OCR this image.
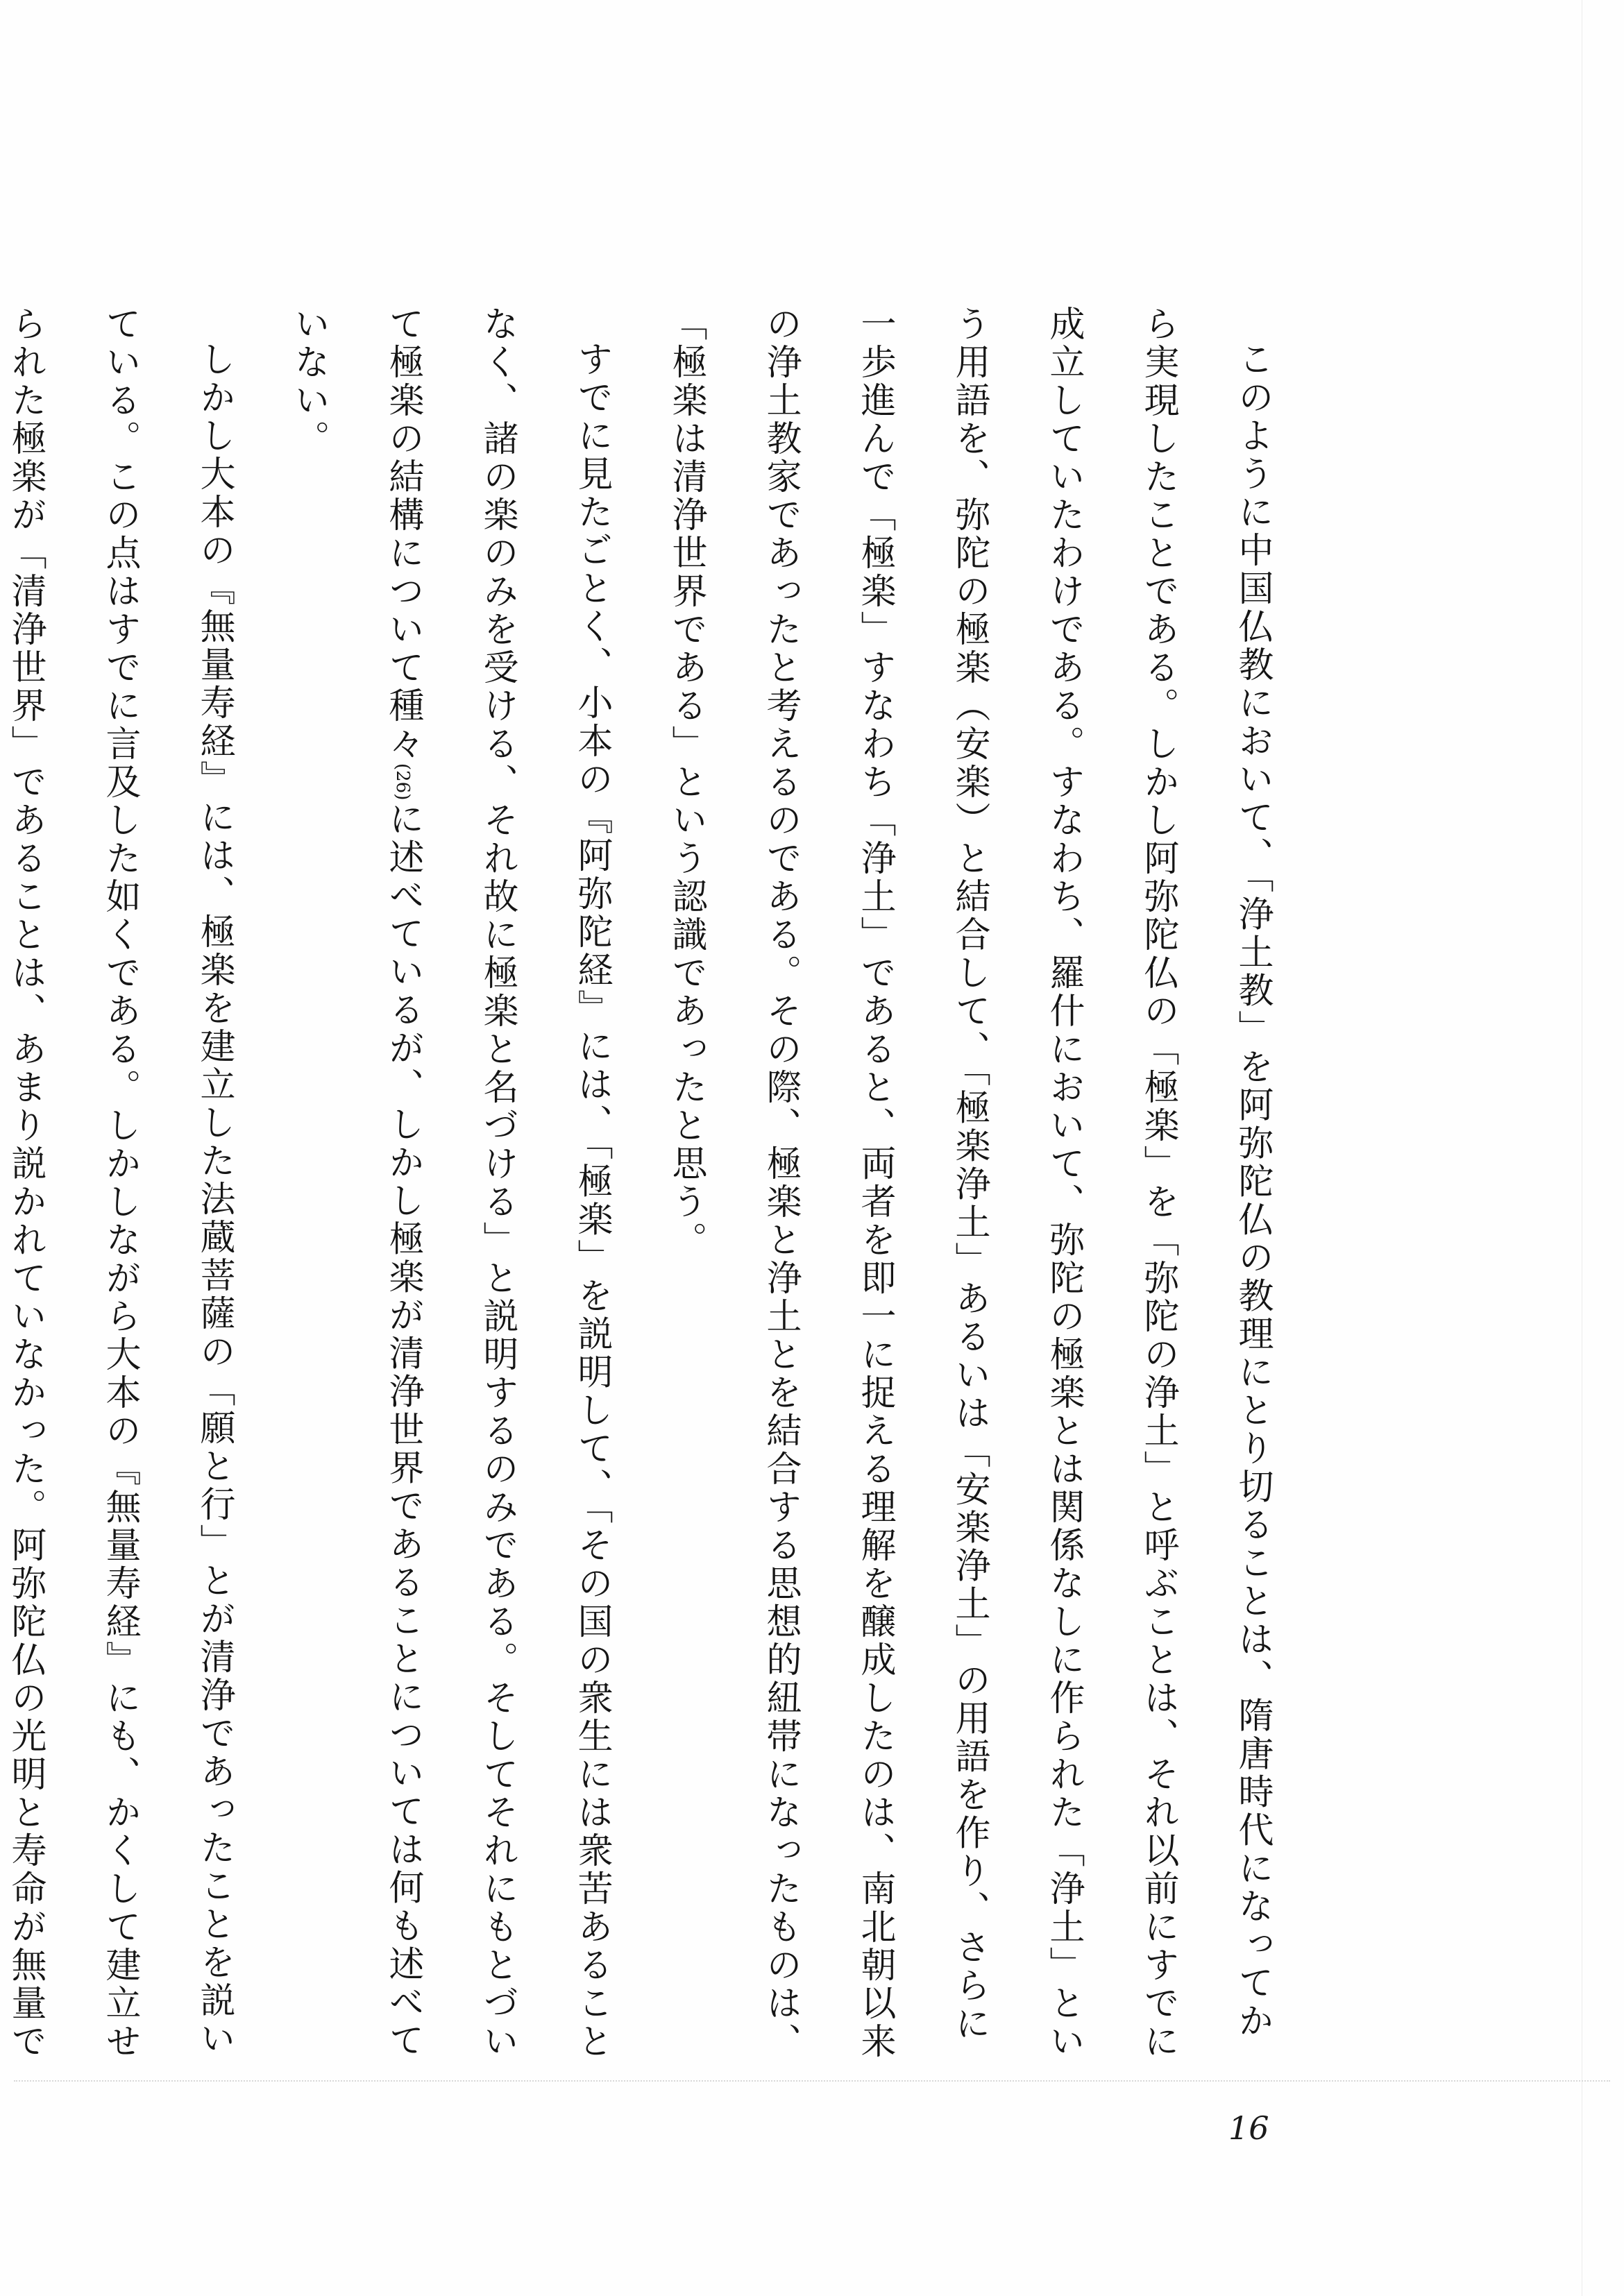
このように中国仏教において、「浄土教」を阿弥陀仏の教理にとり切ることは、隋唐時代になってから実現したことである。しかし阿弥陀仏の「極楽」を「弥陀の浄土」と呼ぶことは、それ以前にすでに成立していたわけである。すなわち、羅什において、弥陀の極楽とは関係なしに作られた「浄土」という用語を、弥陀の極楽（安楽）と結合して、「極楽浄土」あるいは「安楽浄土」の用語を作り、さらに一歩進んで「極楽」すなわち「浄土」であると、両者を即一に捉える理解を醸成したのは、南北朝以来の浄土教家であったと考えるのである。その際、極楽と浄土とを結合する思想的紐帯になったものは、「極楽は清浄世界である」という認識であったと思う。

すでに見たごとく、小本の『阿弥陀経』には、「極楽」を説明して、「その国の衆生には衆苦あることなく、諸の楽のみを受ける、それ故に極楽と名づける」と説明するのみである。そしてそれにもとづいて極楽の結構について種々(26)に述べているが、しかし極楽が清浄世界であることについては何も述べていない。

しかし大本の『無量寿経』には、極楽を建立した法蔵菩薩の「願と行」とが清浄であったことを説いている。この点はすでに言及した如くである。しかしながら大本の『無量寿経』にも、かくして建立せられた極楽が「清浄世界」であることは、あまり説かれていなかった。阿弥陀仏の光明と寿命が無量で

16
